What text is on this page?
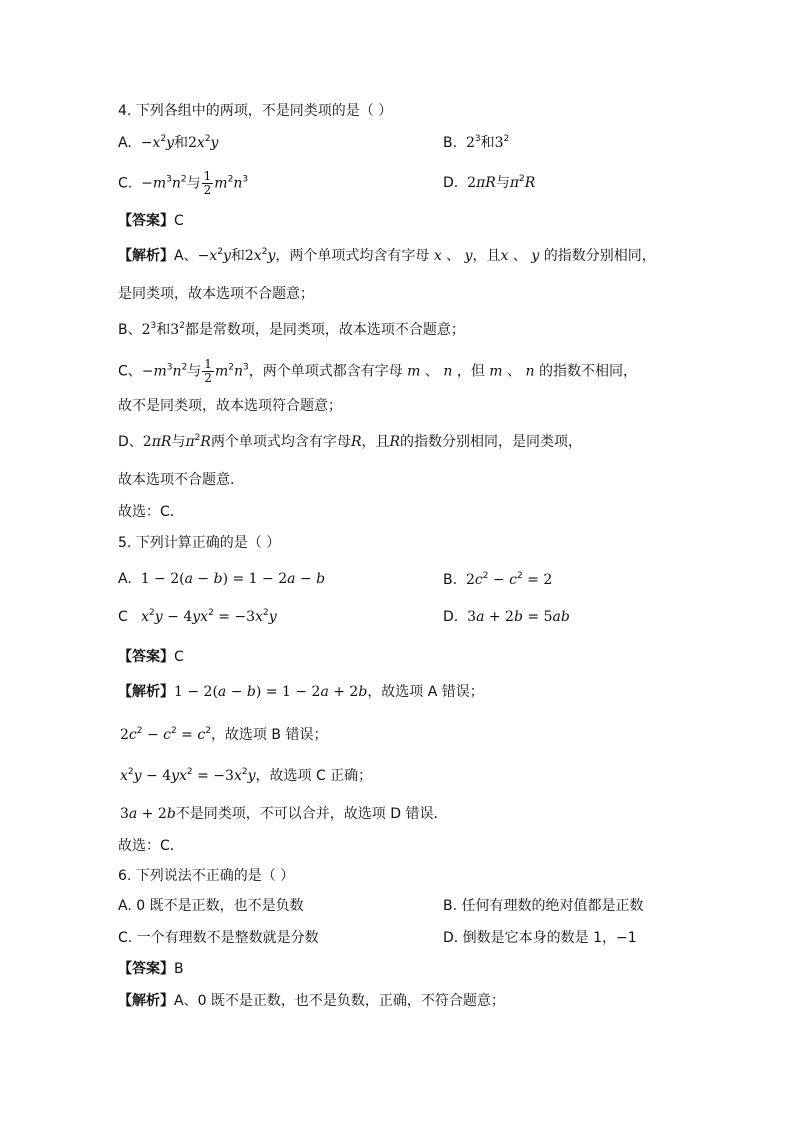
4. 下列各组中的两项，不是同类项的是（ ）
A. $-x^2y$和$2x^2y$	B. $2^3$和$3^2$
C. $-m^3n^2$与 $\frac{1}{2} m^2n^3$	D. 2πR与$\pi^2R$
【答案】C
【解析】A、$-x^2y$和$2x^2y$，两个单项式均含有字母 x 、 y，且x 、 y 的指数分别相同，
是同类项，故本选项不合题意；
B、$2^3$和$3^2$都是常数项，是同类项，故本选项不合题意；
C、$-m^3n^2$与 $\frac{1}{2} m^2n^3$，两个单项式都含有字母 m 、 n ，但 m 、 n 的指数不相同，
故不是同类项，故本选项符合题意；
D、2πR与$\pi^2R$两个单项式均含有字母R，且R的指数分别相同，是同类项，
故本选项不合题意.
故选：C．
5. 下列计算正确的是（ ）
A. 1 − 2(a − b) = 1 − 2a − b	B. $2c^2 - c^2 = 2$
C $x^2y - 4yx^2 = -3x^2y$	D. 3a + 2b = 5ab
【答案】C
【解析】1 − 2(a − b) = 1 − 2a + 2b，故选项 A 错误；
$2c^2 - c^2 = c^2$，故选项 B 错误；
$x^2y - 4yx^2 = -3x^2y$，故选项 C 正确；
3a + 2b不是同类项，不可以合并，故选项 D 错误．
故选：C．
6. 下列说法不正确的是（ ）
A. 0 既不是正数，也不是负数	B. 任何有理数的绝对值都是正数
C. 一个有理数不是整数就是分数	D. 倒数是它本身的数是 1，−1
【答案】B
【解析】A、0 既不是正数，也不是负数，正确，不符合题意；
